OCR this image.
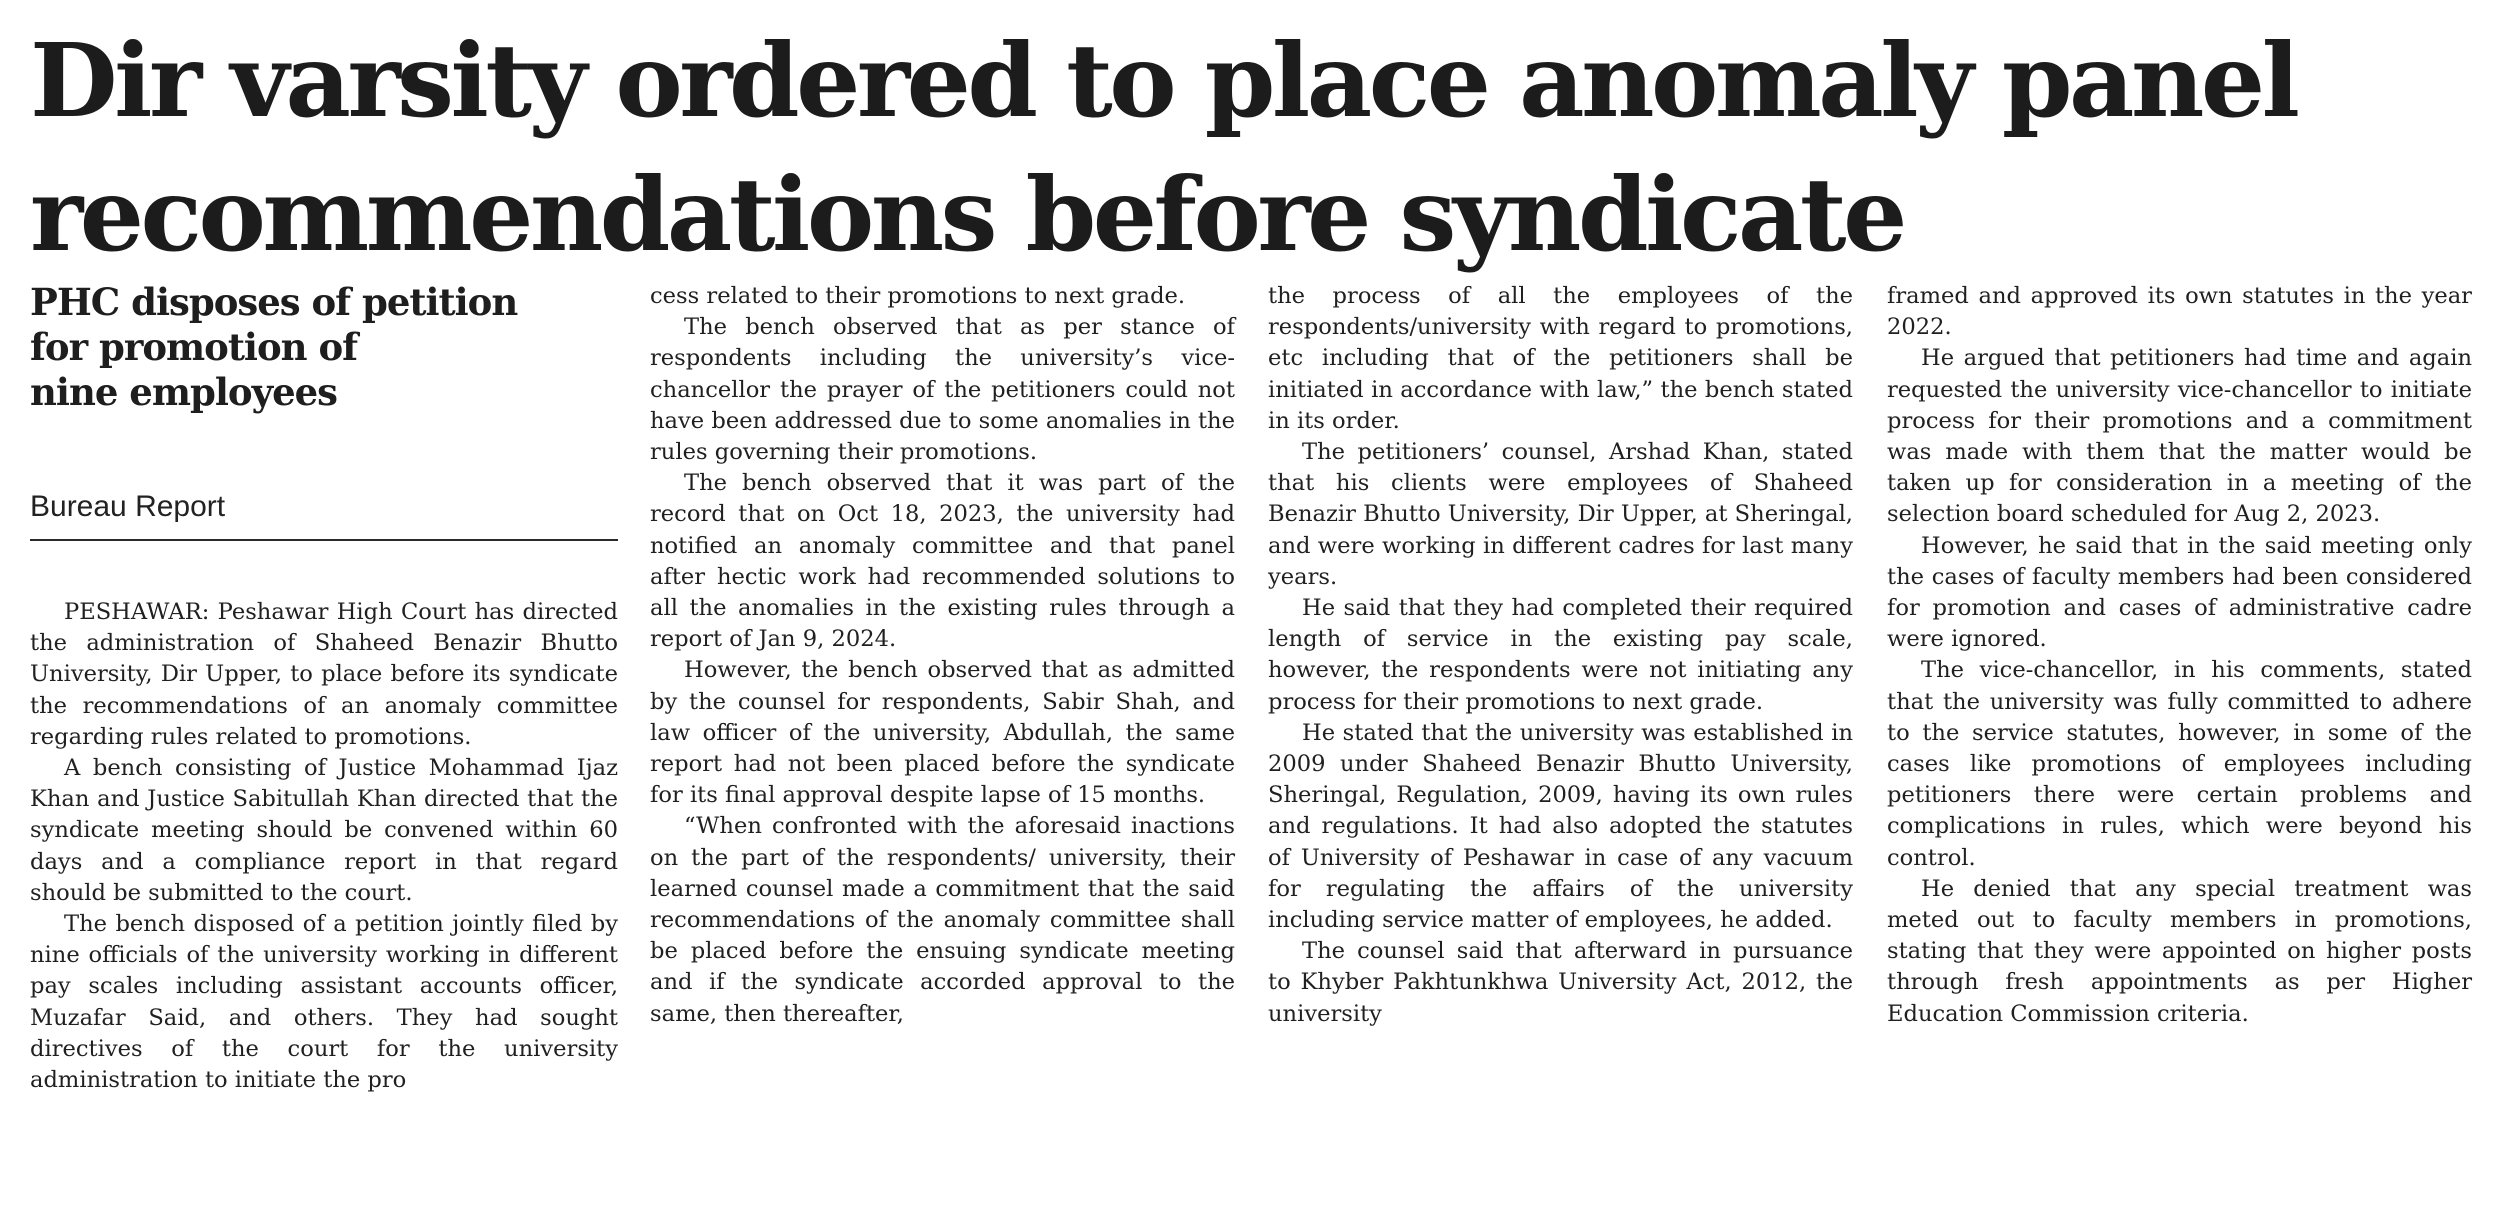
Dir varsity ordered to place anomaly panel
recommendations before syndicate
PHC disposes of petition
for promotion of
nine employees
Bureau Report

PESHAWAR: Peshawar High Court has directed the administration of Shaheed Benazir Bhutto University, Dir Upper, to place before its syndicate the recommendations of an anomaly committee regarding rules related to promotions.

A bench consisting of Justice Mohammad Ijaz Khan and Justice Sabitullah Khan directed that the syndicate meeting should be convened within 60 days and a compliance report in that regard should be submitted to the court.

The bench disposed of a petition jointly filed by nine officials of the university working in different pay scales including assistant accounts officer, Muzafar Said, and others. They had sought directives of the court for the university administration to initiate the pro

cess related to their promotions to next grade.

The bench observed that as per stance of respondents including the university’s vice-chancellor the prayer of the petitioners could not have been addressed due to some anomalies in the rules governing their promotions.

The bench observed that it was part of the record that on Oct 18, 2023, the university had notified an anomaly committee and that panel after hectic work had recommended solutions to all the anomalies in the existing rules through a report of Jan 9, 2024.

However, the bench observed that as admitted by the counsel for respondents, Sabir Shah, and law officer of the university, Abdullah, the same report had not been placed before the syndicate for its final approval despite lapse of 15 months.

“When confronted with the aforesaid inactions on the part of the respondents/ university, their learned counsel made a commitment that the said recommendations of the anomaly committee shall be placed before the ensuing syndicate meeting and if the syndicate accorded approval to the same, then thereafter,

the process of all the employees of the respondents/university with regard to promotions, etc including that of the petitioners shall be initiated in accordance with law,” the bench stated in its order.

The petitioners’ counsel, Arshad Khan, stated that his clients were employees of Shaheed Benazir Bhutto University, Dir Upper, at Sheringal, and were working in different cadres for last many years.

He said that they had completed their required length of service in the existing pay scale, however, the respondents were not initiating any process for their promotions to next grade.

He stated that the university was established in 2009 under Shaheed Benazir Bhutto University, Sheringal, Regulation, 2009, having its own rules and regulations. It had also adopted the statutes of University of Peshawar in case of any vacuum for regulating the affairs of the university including service matter of employees, he added.

The counsel said that afterward in pursuance to Khyber Pakhtunkhwa University Act, 2012, the university

framed and approved its own statutes in the year 2022.

He argued that petitioners had time and again requested the university vice-chancellor to initiate process for their promotions and a commitment was made with them that the matter would be taken up for consideration in a meeting of the selection board scheduled for Aug 2, 2023.

However, he said that in the said meeting only the cases of faculty members had been considered for promotion and cases of administrative cadre were ignored.

The vice-chancellor, in his comments, stated that the university was fully committed to adhere to the service statutes, however, in some of the cases like promotions of employees including petitioners there were certain problems and complications in rules, which were beyond his control.

He denied that any special treatment was meted out to faculty members in promotions, stating that they were appointed on higher posts through fresh appointments as per Higher Education Commission criteria.
